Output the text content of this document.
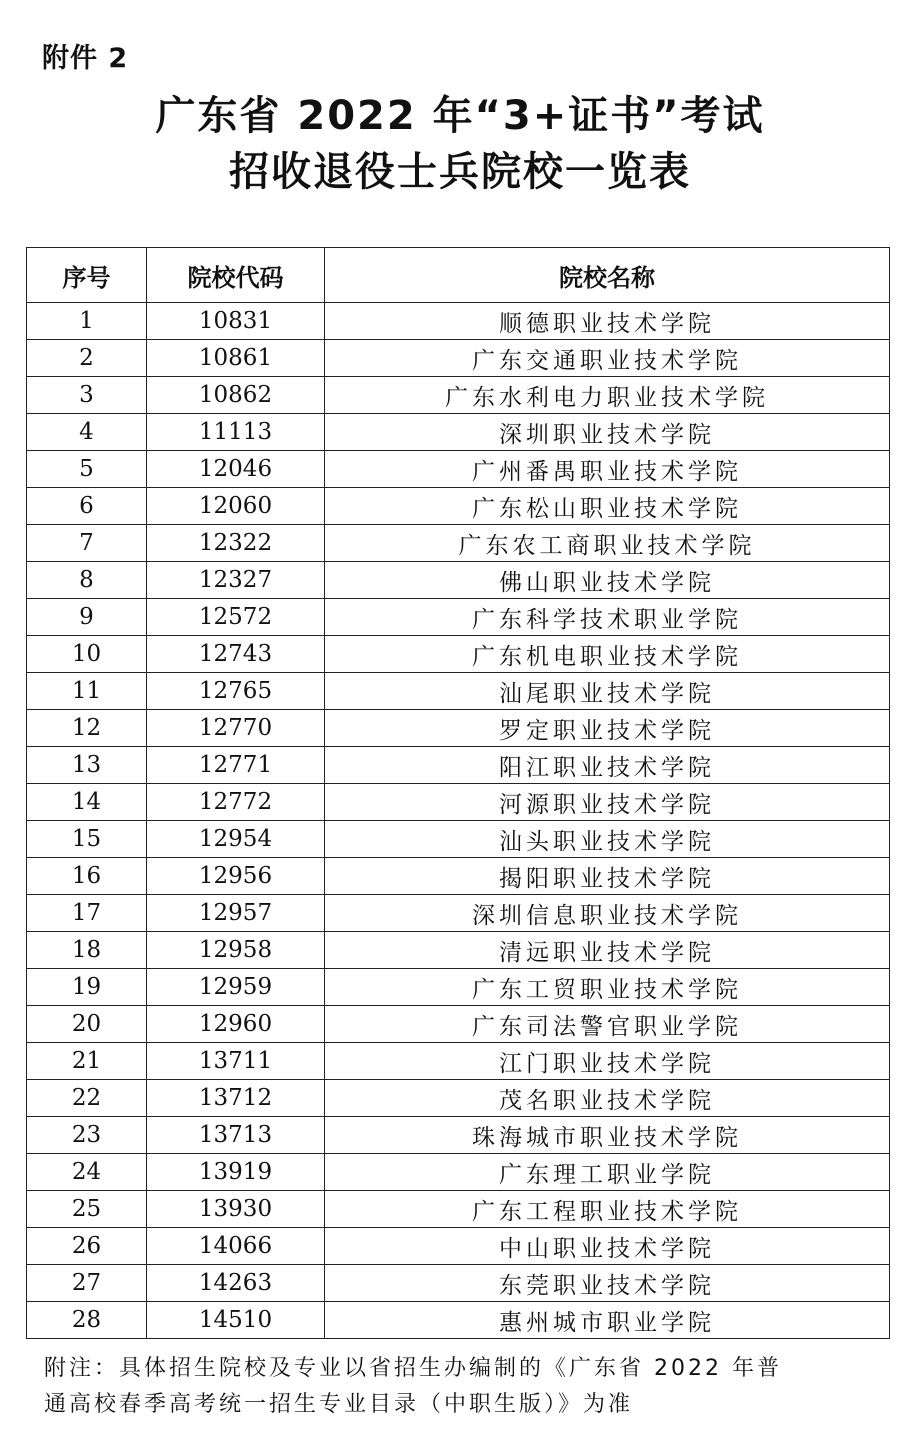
附件 2
广东省 2022 年“3+证书”考试
招收退役士兵院校一览表
序号	院校代码	院校名称
1	10831	顺德职业技术学院
2	10861	广东交通职业技术学院
3	10862	广东水利电力职业技术学院
4	11113	深圳职业技术学院
5	12046	广州番禺职业技术学院
6	12060	广东松山职业技术学院
7	12322	广东农工商职业技术学院
8	12327	佛山职业技术学院
9	12572	广东科学技术职业学院
10	12743	广东机电职业技术学院
11	12765	汕尾职业技术学院
12	12770	罗定职业技术学院
13	12771	阳江职业技术学院
14	12772	河源职业技术学院
15	12954	汕头职业技术学院
16	12956	揭阳职业技术学院
17	12957	深圳信息职业技术学院
18	12958	清远职业技术学院
19	12959	广东工贸职业技术学院
20	12960	广东司法警官职业学院
21	13711	江门职业技术学院
22	13712	茂名职业技术学院
23	13713	珠海城市职业技术学院
24	13919	广东理工职业学院
25	13930	广东工程职业技术学院
26	14066	中山职业技术学院
27	14263	东莞职业技术学院
28	14510	惠州城市职业学院
附注：具体招生院校及专业以省招生办编制的《广东省 2022 年普
通高校春季高考统一招生专业目录（中职生版）》为准
